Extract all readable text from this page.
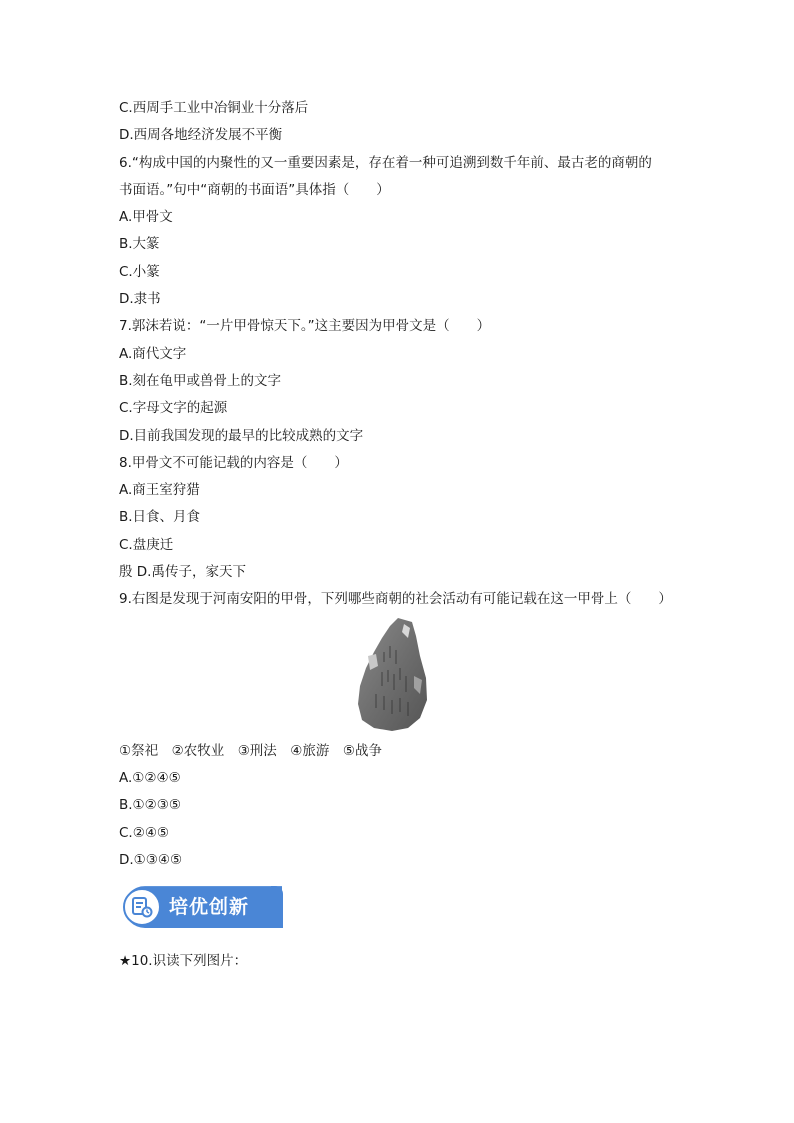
C.西周手工业中冶铜业十分落后
D.西周各地经济发展不平衡
6.“构成中国的内聚性的又一重要因素是，存在着一种可追溯到数千年前、最古老的商朝的
书面语。”句中“商朝的书面语”具体指（　　）
A.甲骨文
B.大篆
C.小篆
D.隶书
7.郭沫若说：“一片甲骨惊天下。”这主要因为甲骨文是（　　）
A.商代文字
B.刻在龟甲或兽骨上的文字
C.字母文字的起源
D.目前我国发现的最早的比较成熟的文字
8.甲骨文不可能记载的内容是（　　）
A.商王室狩猎
B.日食、月食
C.盘庚迁
殷 D.禹传子，家天下
9.右图是发现于河南安阳的甲骨，下列哪些商朝的社会活动有可能记载在这一甲骨上（　　）
①祭祀　②农牧业　③刑法　④旅游　⑤战争
A.①②④⑤
B.①②③⑤
C.②④⑤
D.①③④⑤
培优创新
★10.识读下列图片：
